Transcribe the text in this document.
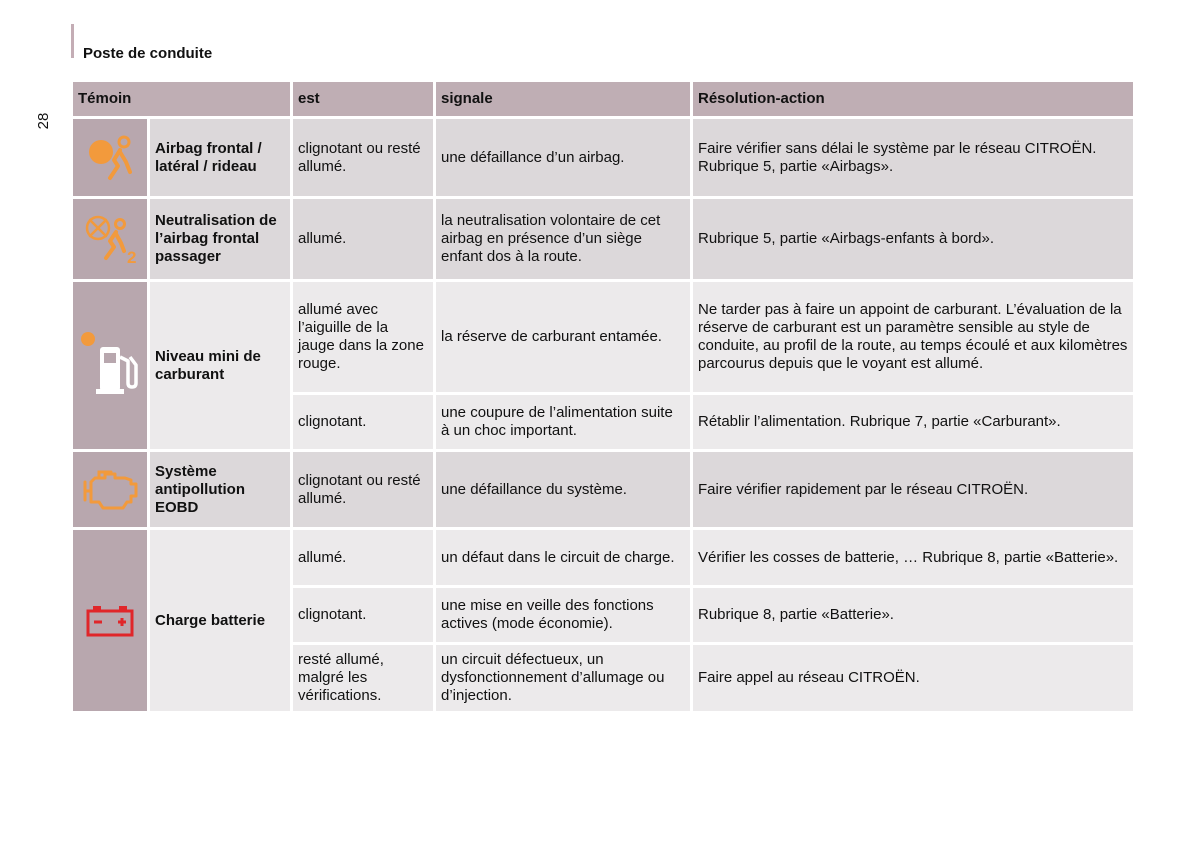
Poste de conduite
28
Témoin		est	signale	Résolution-action

	Airbag frontal / latéral / rideau	clignotant ou resté allumé.	une défaillance d’un airbag.	Faire vérifier sans délai le système par le réseau CITROËN. Rubrique 5, partie «Airbags».

2	Neutralisation de l’airbag frontal passager	allumé.	la neutralisation volontaire de cet airbag en présence d’un siège enfant dos à la route.	Rubrique 5, partie «Airbags-enfants à bord».

	Niveau mini de carburant	allumé avec l’aiguille de la jauge dans la zone rouge.	la réserve de carburant entamée.	Ne tarder pas à faire un appoint de carburant. L’évaluation de la réserve de carburant est un paramètre sensible au style de conduite, au profil de la route, au temps écoulé et aux kilomètres parcourus depuis que le voyant est allumé.
		clignotant.	une coupure de l’alimentation suite à un choc important.	Rétablir l’alimentation. Rubrique 7, partie «Carburant».

	Système antipollution EOBD	clignotant ou resté allumé.	une défaillance du système.	Faire vérifier rapidement par le réseau CITROËN.

	Charge batterie	allumé.	un défaut dans le circuit de charge.	Vérifier les cosses de batterie, … Rubrique 8, partie «Batterie».
		clignotant.	une mise en veille des fonctions actives (mode économie).	Rubrique 8, partie «Batterie».
		resté allumé, malgré les vérifications.	un circuit défectueux, un dysfonctionnement d’allumage ou d’injection.	Faire appel au réseau CITROËN.
